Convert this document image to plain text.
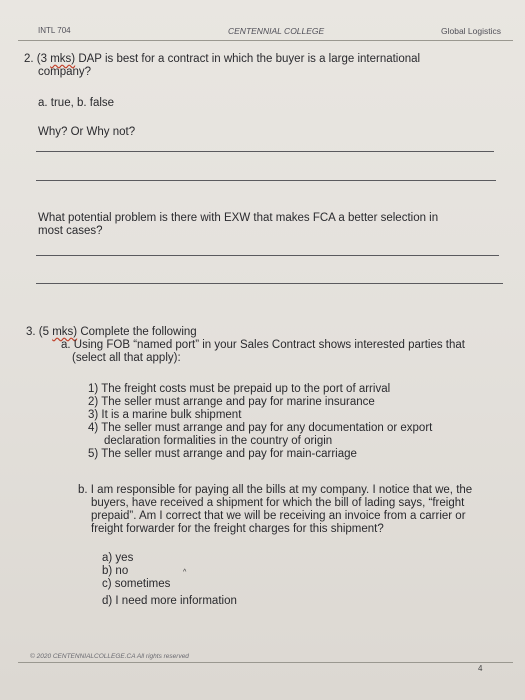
INTL 704	CENTENNIAL COLLEGE	Global Logistics
2. (3 mks) DAP is best for a contract in which the buyer is a large international
company?
a. true, b. false
Why? Or Why not?
What potential problem is there with EXW that makes FCA a better selection in
most cases?
3. (5 mks) Complete the following
a. Using FOB “named port” in your Sales Contract shows interested parties that
(select all that apply):
1) The freight costs must be prepaid up to the port of arrival
2) The seller must arrange and pay for marine insurance
3) It is a marine bulk shipment
4) The seller must arrange and pay for any documentation or export
declaration formalities in the country of origin
5) The seller must arrange and pay for main-carriage
b. I am responsible for paying all the bills at my company. I notice that we, the
buyers, have received a shipment for which the bill of lading says, “freight
prepaid”. Am I correct that we will be receiving an invoice from a carrier or
freight forwarder for the freight charges for this shipment?
a) yes
b) no
c) sometimes
d) I need more information
^
© 2020 CENTENNIALCOLLEGE.CA All rights reserved
4
